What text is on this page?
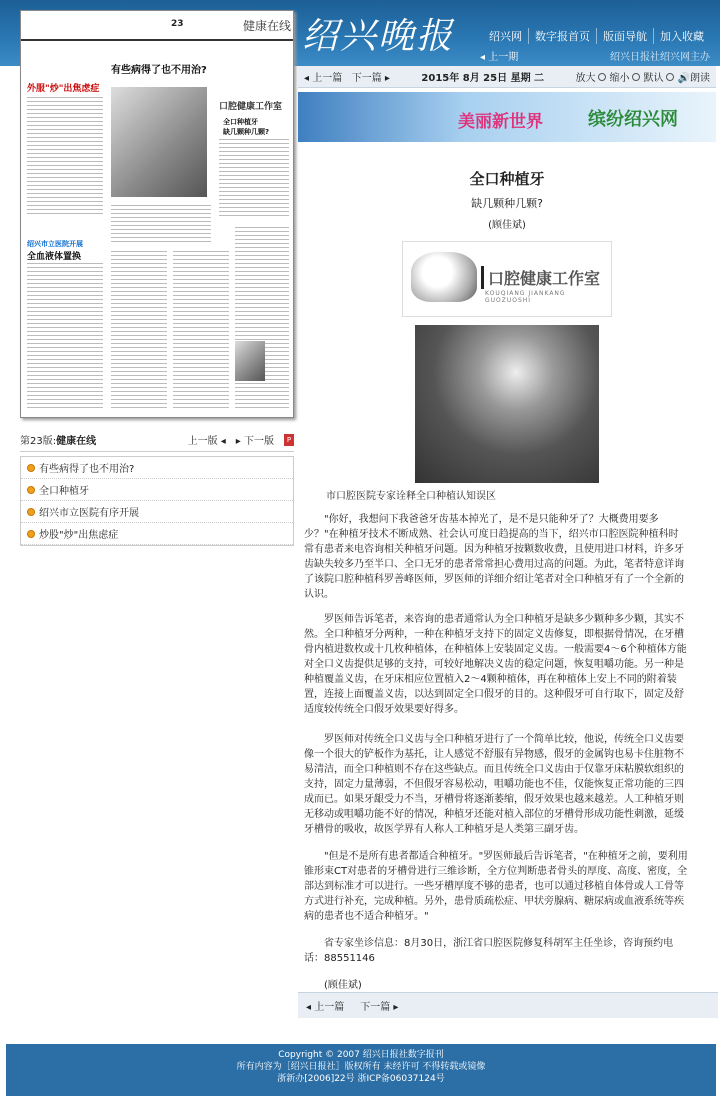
绍兴晚报	绍兴网	数字报首页	版面导航	加入收藏
◂ 上一期	绍兴日报社绍兴网主办
23	健康在线
有些病得了也不用治?
外服"炒"出焦虑症
口腔健康工作室
全口种植牙
缺几颗种几颗?
绍兴市立医院开展
全血液体置换
第23版:健康在线	上一版 ◂ ▸ 下一版	P
有些病得了也不用治?
全口种植牙
绍兴市立医院有序开展
炒股"炒"出焦虑症
◂ 上一篇 下一篇 ▸	2015年 8月 25日 星期 二	放大	缩小	默认	🔊朗读
美丽新世界	缤纷绍兴网
全口种植牙
缺几颗种几颗?
(顾佳斌)
口腔健康工作室
KOUQIANG JIANKANG GUOZUOSHI
市口腔医院专家诠释全口种植认知误区
"你好，我想问下我爸爸牙齿基本掉光了，是不是只能种牙了？大概费用要多少？"在种植牙技术不断成熟、社会认可度日趋提高的当下，绍兴市口腔医院种植科时常有患者来电咨询相关种植牙问题。因为种植牙按颗数收费，且使用进口材料，许多牙齿缺失较多乃至半口、全口无牙的患者常常担心费用过高的问题。为此，笔者特意详询了该院口腔种植科罗善峰医师，罗医师的详细介绍让笔者对全口种植牙有了一个全新的认识。
罗医师告诉笔者，来咨询的患者通常认为全口种植牙是缺多少颗种多少颗，其实不然。全口种植牙分两种，一种在种植牙支持下的固定义齿修复，即根据骨情况，在牙槽骨内植进数枚或十几枚种植体，在种植体上安装固定义齿。一般需要4～6个种植体方能对全口义齿提供足够的支持，可较好地解决义齿的稳定问题，恢复咀嚼功能。另一种是种植覆盖义齿，在牙床相应位置植入2～4颗种植体，再在种植体上安上不同的附着装置，连接上面覆盖义齿，以达到固定全口假牙的目的。这种假牙可自行取下，固定及舒适度较传统全口假牙效果要好得多。
罗医师对传统全口义齿与全口种植牙进行了一个简单比较，他说，传统全口义齿要像一个很大的铲板作为基托，让人感觉不舒服有异物感，假牙的金属钩也易卡住脏物不易清洁，而全口种植则不存在这些缺点。而且传统全口义齿由于仅靠牙床粘膜软组织的支持，固定力量薄弱，不但假牙容易松动，咀嚼功能也不佳，仅能恢复正常功能的三四成而已。如果牙龈受力不当，牙槽骨将逐渐萎缩，假牙效果也越来越差。人工种植牙则无移动或咀嚼功能不好的情况，种植牙还能对植入部位的牙槽骨形成功能性刺激，延缓牙槽骨的吸收，故医学界有人称人工种植牙是人类第三副牙齿。
"但是不是所有患者都适合种植牙。"罗医师最后告诉笔者，"在种植牙之前，要利用锥形束CT对患者的牙槽骨进行三维诊断，全方位判断患者骨头的厚度、高度、密度，全部达到标准才可以进行。一些牙槽厚度不够的患者，也可以通过移植自体骨或人工骨等方式进行补充，完成种植。另外，患骨质疏松症、甲状旁腺病、糖尿病或血液系统等疾病的患者也不适合种植牙。"
省专家坐诊信息：8月30日，浙江省口腔医院修复科胡军主任坐诊，咨询预约电话：88551146
(顾佳斌)
◂ 上一篇 下一篇 ▸
Copyright © 2007 绍兴日报社数字报刊
所有内容为［绍兴日报社］版权所有 未经许可 不得转载或镜像
浙新办[2006]22号 浙ICP备06037124号
